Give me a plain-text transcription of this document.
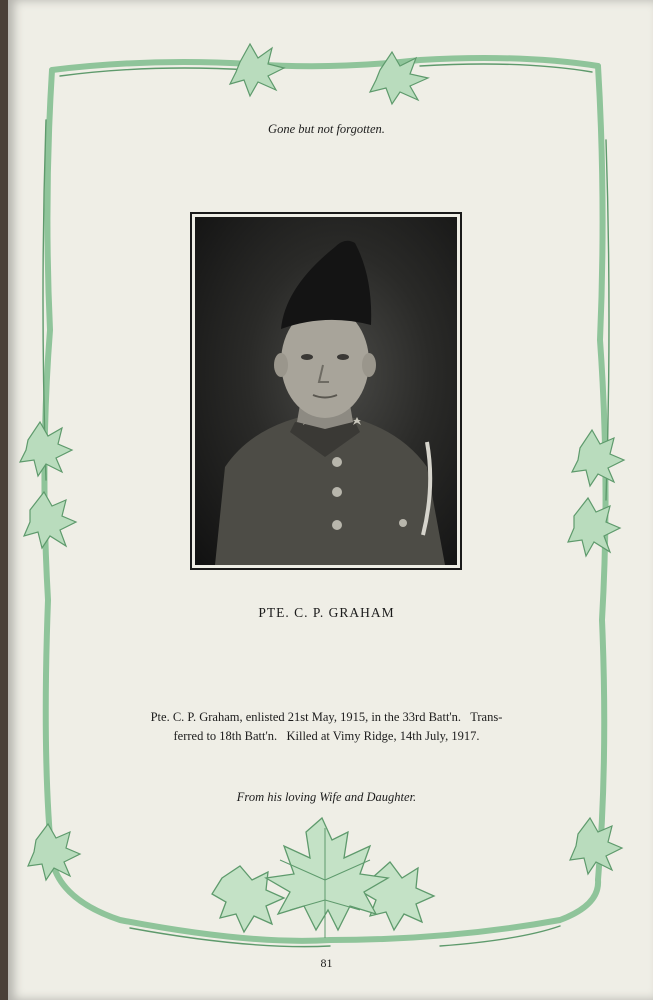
Gone but not forgotten.
PTE. C. P. GRAHAM
Pte. C. P. Graham, enlisted 21st May, 1915, in the 33rd Batt'n.   Trans-
ferred to 18th Batt'n.   Killed at Vimy Ridge, 14th July, 1917.
From his loving Wife and Daughter.
81
